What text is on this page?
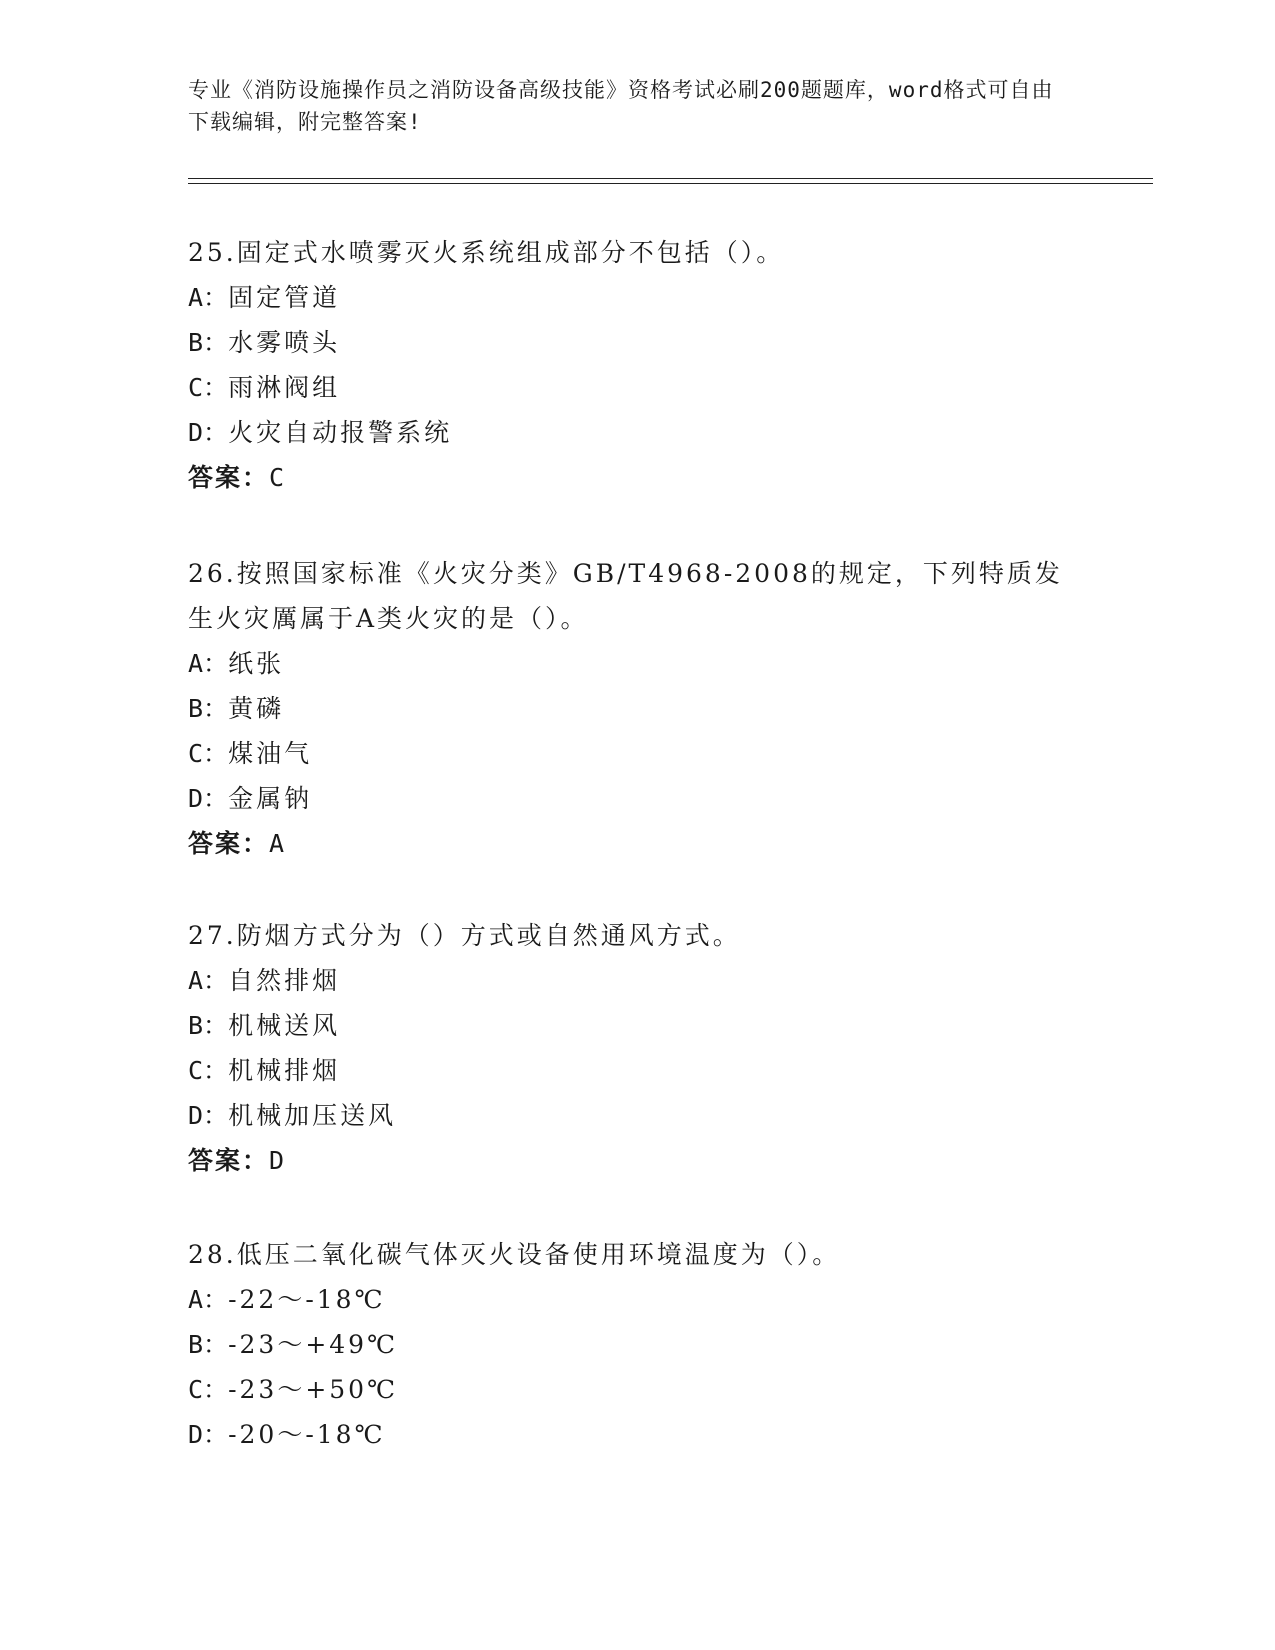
专业《消防设施操作员之消防设备高级技能》资格考试必刷200题题库，word格式可自由下载编辑，附完整答案!
25.固定式水喷雾灭火系统组成部分不包括（）。
A：固定管道
B：水雾喷头
C：雨淋阀组
D：火灾自动报警系统
答案：C
26.按照国家标准《火灾分类》GB/T4968-2008的规定，下列特质发生火灾厲属于A类火灾的是（）。
A：纸张
B：黄磷
C：煤油气
D：金属钠
答案：A
27.防烟方式分为（）方式或自然通风方式。
A：自然排烟
B：机械送风
C：机械排烟
D：机械加压送风
答案：D
28.低压二氧化碳气体灭火设备使用环境温度为（）。
A：-22～-18℃
B：-23～+49℃
C：-23～+50℃
D：-20～-18℃
